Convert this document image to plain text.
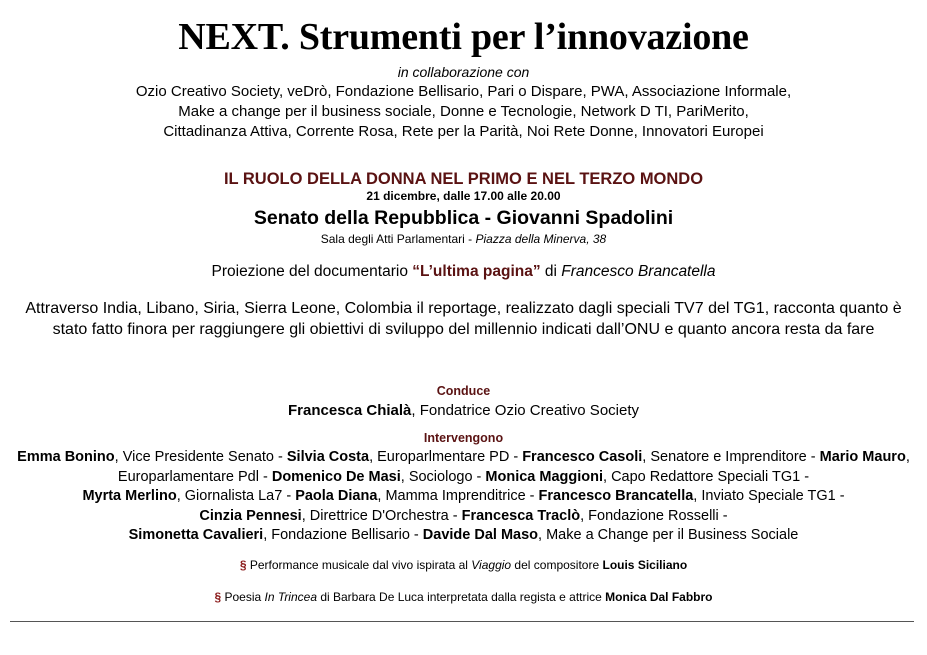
NEXT. Strumenti per l’innovazione
in collaborazione con
Ozio Creativo Society, veDrò, Fondazione Bellisario, Pari o Dispare, PWA, Associazione Informale,
Make a change per il business sociale, Donne e Tecnologie, Network D TI, PariMerito,
Cittadinanza Attiva, Corrente Rosa, Rete per la Parità, Noi Rete Donne, Innovatori Europei
IL RUOLO DELLA DONNA NEL PRIMO E NEL TERZO MONDO
21 dicembre, dalle 17.00 alle 20.00
Senato della Repubblica - Giovanni Spadolini
Sala degli Atti Parlamentari - Piazza della Minerva, 38
Proiezione del documentario “L’ultima pagina” di Francesco Brancatella
Attraverso India, Libano, Siria, Sierra Leone, Colombia il reportage, realizzato dagli speciali TV7 del TG1, racconta quanto è stato fatto finora per raggiungere gli obiettivi di sviluppo del millennio indicati dall’ONU e quanto ancora resta da fare
Conduce
Francesca Chialà, Fondatrice Ozio Creativo Society
Intervengono
Emma Bonino, Vice Presidente Senato - Silvia Costa, Europarlmentare PD - Francesco Casoli, Senatore e Imprenditore - Mario Mauro, Europarlamentare Pdl - Domenico De Masi, Sociologo - Monica Maggioni, Capo Redattore Speciali TG1 -
Myrta Merlino, Giornalista La7 - Paola Diana, Mamma Imprenditrice - Francesco Brancatella, Inviato Speciale TG1 -
Cinzia Pennesi, Direttrice D'Orchestra - Francesca Traclò, Fondazione Rosselli -
Simonetta Cavalieri, Fondazione Bellisario - Davide Dal Maso, Make a Change per il Business Sociale
§ Performance musicale dal vivo ispirata al Viaggio del compositore Louis Siciliano
§ Poesia In Trincea di Barbara De Luca interpretata dalla regista e attrice Monica Dal Fabbro
